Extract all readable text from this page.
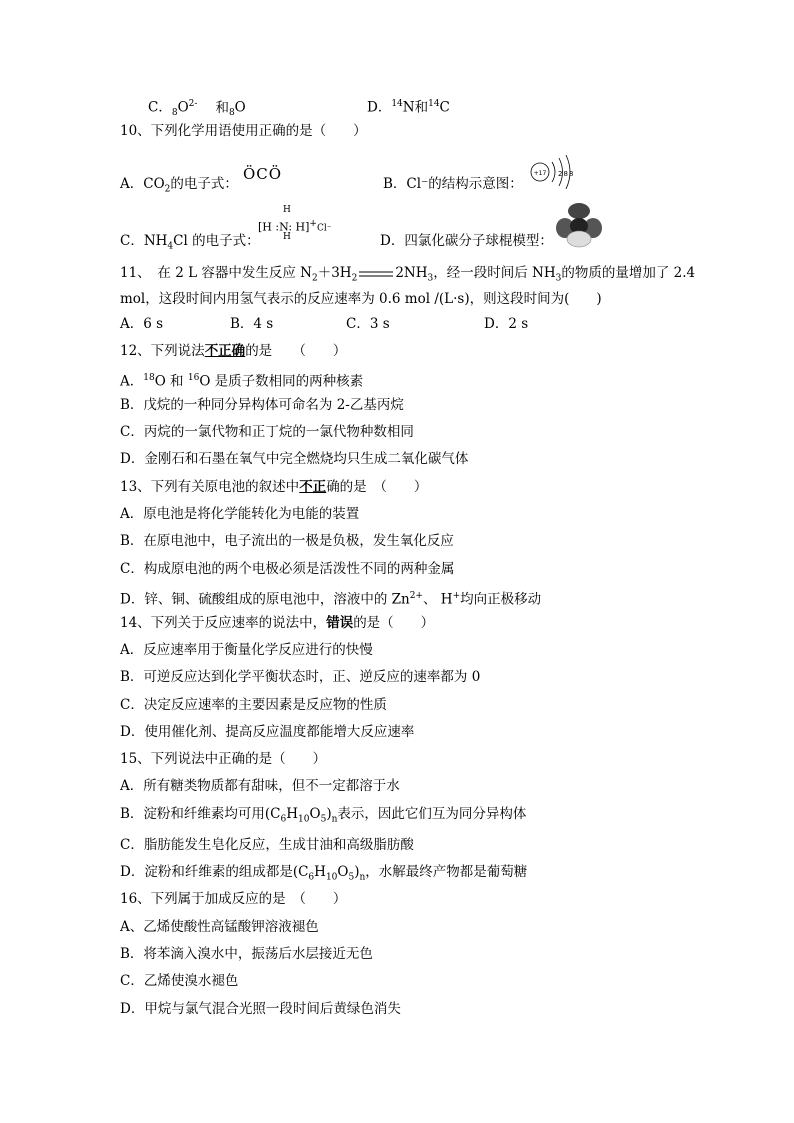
C．$_8O^{2-}$ 和$_8$O	D．$^{14}$N和$^{14}$C
10、下列化学用语使用正确的是（　　）
A．$CO_2$的电子式：
ÖCÖ
B．Cl⁻的结构示意图：
+17 288
C．$NH_4Cl$ 的电子式：
H
[H :N: H]+Cl⁻
H	D．四氯化碳分子球棍模型：
11、　在 2 L 容器中发生反应 $N_2+3H_2$	$2NH_3$，经一段时间后 $NH_3$的物质的量增加了 2.4
mol，这段时间内用氢气表示的反应速率为 0.6 mol /(L·s)，则这段时间为(　　)
A．6 s	B．4 s	C．3 s	D．2 s
12、下列说法不正确的是　　（　　）
A．$^{18}$O 和 $^{16}$O 是质子数相同的两种核素
B．戊烷的一种同分异构体可命名为 2-乙基丙烷
C．丙烷的一氯代物和正丁烷的一氯代物种数相同
D．金刚石和石墨在氧气中完全燃烧均只生成二氧化碳气体
13、下列有关原电池的叙述中不正确的是　（　　）
A．原电池是将化学能转化为电能的装置
B．在原电池中，电子流出的一极是负极，发生氧化反应
C．构成原电池的两个电极必须是活泼性不同的两种金属
D．锌、铜、硫酸组成的原电池中，溶液中的 $Zn^{2+}$、 H+均向正极移动
14、下列关于反应速率的说法中，错误的是（　　）
A．反应速率用于衡量化学反应进行的快慢
B．可逆反应达到化学平衡状态时，正、逆反应的速率都为 0
C．决定反应速率的主要因素是反应物的性质
D．使用催化剂、提高反应温度都能增大反应速率
15、下列说法中正确的是（　　）
A．所有糖类物质都有甜味，但不一定都溶于水
B．淀粉和纤维素均可用$(C_6H_{10}O_5)_n$表示，因此它们互为同分异构体
C．脂肪能发生皂化反应，生成甘油和高级脂肪酸
D．淀粉和纤维素的组成都是$(C_6H_{10}O_5)_n$，水解最终产物都是葡萄糖
16、下列属于加成反应的是　（　　）
A、乙烯使酸性高锰酸钾溶液褪色
B．将苯滴入溴水中，振荡后水层接近无色
C．乙烯使溴水褪色
D．甲烷与氯气混合光照一段时间后黄绿色消失
